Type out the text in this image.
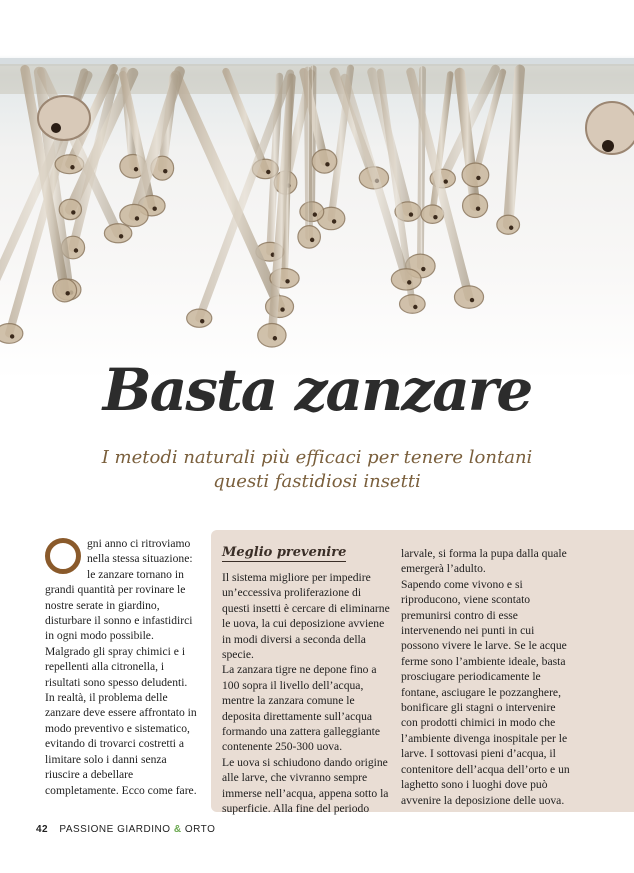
Basta zanzare

I metodi naturali più efficaci per tenere lontani
questi fastidiosi insetti

gni anno ci ritroviamo nella stessa situazione: le zanzare tornano in grandi quantità per rovinare le nostre serate in giardino, disturbare il sonno e infastidirci in ogni modo possibile. Malgrado gli spray chimici e i repellenti alla citronella, i risultati sono spesso deludenti. In realtà, il problema delle zanzare deve essere affrontato in modo preventivo e sistematico, evitando di trovarci costretti a limitare solo i danni senza riuscire a debellare completamente. Ecco come fare.

Meglio prevenire
Il sistema migliore per impedire un’eccessiva proliferazione di questi insetti è cercare di eliminarne le uova, la cui deposizione avviene in modi diversi a seconda della specie.
La zanzara tigre ne depone fino a 100 sopra il livello dell’acqua, mentre la zanzara comune le deposita direttamente sull’acqua formando una zattera galleggiante contenente 250-300 uova.
Le uova si schiudono dando origine alle larve, che vivranno sempre immerse nell’acqua, appena sotto la superficie. Alla fine del periodo
larvale, si forma la pupa dalla quale emergerà l’adulto.
Sapendo come vivono e si riproducono, viene scontato premunirsi contro di esse intervenendo nei punti in cui possono vivere le larve. Se le acque ferme sono l’ambiente ideale, basta prosciugare periodicamente le fontane, asciugare le pozzanghere, bonificare gli stagni o intervenire con prodotti chimici in modo che l’ambiente divenga inospitale per le larve. I sottovasi pieni d’acqua, il contenitore dell’acqua dell’orto e un laghetto sono i luoghi dove può avvenire la deposizione delle uova.
42 PASSIONE GIARDINO & ORTO
